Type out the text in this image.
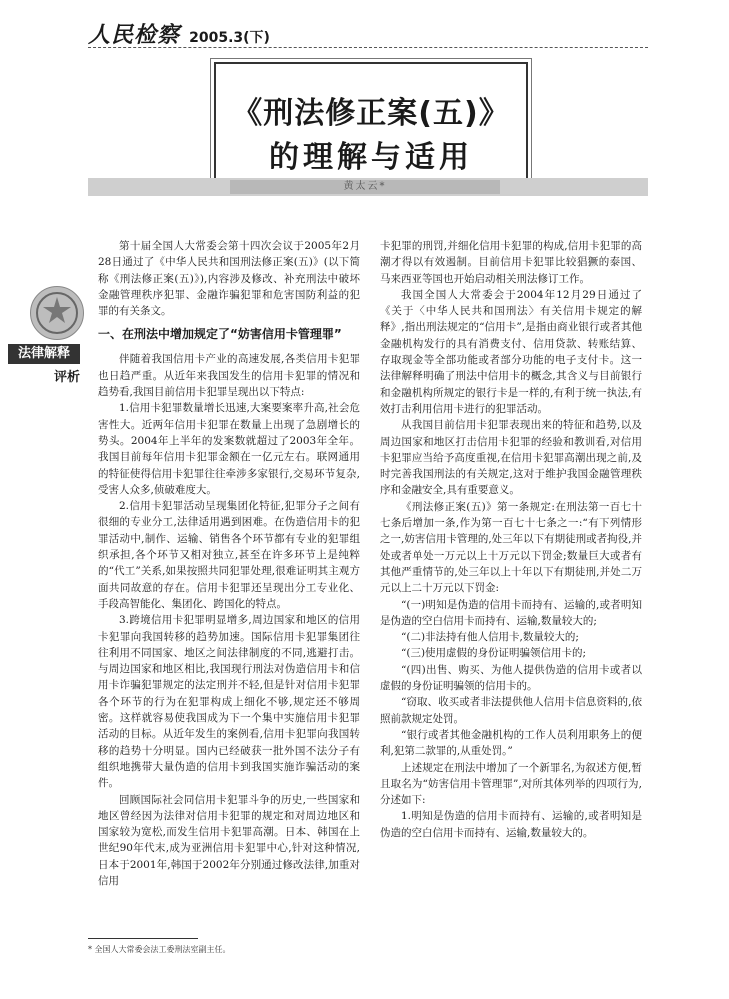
人民检察 2005.3(下)
《刑法修正案(五)》
的理解与适用
黄太云*
法律解释
评析

第十届全国人大常委会第十四次会议于2005年2月28日通过了《中华人民共和国刑法修正案(五)》(以下简称《刑法修正案(五)》),内容涉及修改、补充刑法中破坏金融管理秩序犯罪、金融诈骗犯罪和危害国防利益的犯罪的有关条文。

一、在刑法中增加规定了“妨害信用卡管理罪”

伴随着我国信用卡产业的高速发展,各类信用卡犯罪也日趋严重。从近年来我国发生的信用卡犯罪的情况和趋势看,我国目前信用卡犯罪呈现出以下特点:

1.信用卡犯罪数量增长迅速,大案要案率升高,社会危害性大。近两年信用卡犯罪在数量上出现了急剧增长的势头。2004年上半年的发案数就超过了2003年全年。我国目前每年信用卡犯罪金额在一亿元左右。联网通用的特征使得信用卡犯罪往往牵涉多家银行,交易环节复杂,受害人众多,侦破难度大。

2.信用卡犯罪活动呈现集团化特征,犯罪分子之间有很细的专业分工,法律适用遇到困难。在伪造信用卡的犯罪活动中,制作、运输、销售各个环节都有专业的犯罪组织承担,各个环节又相对独立,甚至在许多环节上是纯粹的“代工”关系,如果按照共同犯罪处理,很难证明其主观方面共同故意的存在。信用卡犯罪还呈现出分工专业化、手段高智能化、集团化、跨国化的特点。

3.跨境信用卡犯罪明显增多,周边国家和地区的信用卡犯罪向我国转移的趋势加速。国际信用卡犯罪集团往往利用不同国家、地区之间法律制度的不同,逃避打击。与周边国家和地区相比,我国现行刑法对伪造信用卡和信用卡诈骗犯罪规定的法定刑并不轻,但是针对信用卡犯罪各个环节的行为在犯罪构成上细化不够,规定还不够周密。这样就容易使我国成为下一个集中实施信用卡犯罪活动的目标。从近年发生的案例看,信用卡犯罪向我国转移的趋势十分明显。国内已经破获一批外国不法分子有组织地携带大量伪造的信用卡到我国实施诈骗活动的案件。

回顾国际社会同信用卡犯罪斗争的历史,一些国家和地区曾经因为法律对信用卡犯罪的规定和对周边地区和国家较为宽松,而发生信用卡犯罪高潮。日本、韩国在上世纪90年代末,成为亚洲信用卡犯罪中心,针对这种情况,日本于2001年,韩国于2002年分别通过修改法律,加重对信用

卡犯罪的刑罚,并细化信用卡犯罪的构成,信用卡犯罪的高潮才得以有效遏制。目前信用卡犯罪比较猖獗的泰国、马来西亚等国也开始启动相关刑法修订工作。

我国全国人大常委会于2004年12月29日通过了《关于〈中华人民共和国刑法〉有关信用卡规定的解释》,指出刑法规定的“信用卡”,是指由商业银行或者其他金融机构发行的具有消费支付、信用贷款、转账结算、存取现金等全部功能或者部分功能的电子支付卡。这一法律解释明确了刑法中信用卡的概念,其含义与目前银行和金融机构所规定的银行卡是一样的,有利于统一执法,有效打击利用信用卡进行的犯罪活动。

从我国目前信用卡犯罪表现出来的特征和趋势,以及周边国家和地区打击信用卡犯罪的经验和教训看,对信用卡犯罪应当给予高度重视,在信用卡犯罪高潮出现之前,及时完善我国刑法的有关规定,这对于维护我国金融管理秩序和金融安全,具有重要意义。

《刑法修正案(五)》第一条规定:在刑法第一百七十七条后增加一条,作为第一百七十七条之一:“有下列情形之一,妨害信用卡管理的,处三年以下有期徒刑或者拘役,并处或者单处一万元以上十万元以下罚金;数量巨大或者有其他严重情节的,处三年以上十年以下有期徒刑,并处二万元以上二十万元以下罚金:

“(一)明知是伪造的信用卡而持有、运输的,或者明知是伪造的空白信用卡而持有、运输,数量较大的;

“(二)非法持有他人信用卡,数量较大的;

“(三)使用虚假的身份证明骗领信用卡的;

“(四)出售、购买、为他人提供伪造的信用卡或者以虚假的身份证明骗领的信用卡的。

“窃取、收买或者非法提供他人信用卡信息资料的,依照前款规定处罚。

“银行或者其他金融机构的工作人员利用职务上的便利,犯第二款罪的,从重处罚。”

上述规定在刑法中增加了一个新罪名,为叙述方便,暂且取名为“妨害信用卡管理罪”,对所其体列举的四项行为,分述如下:

1.明知是伪造的信用卡而持有、运输的,或者明知是伪造的空白信用卡而持有、运输,数量较大的。

* 全国人大常委会法工委刑法室副主任。
